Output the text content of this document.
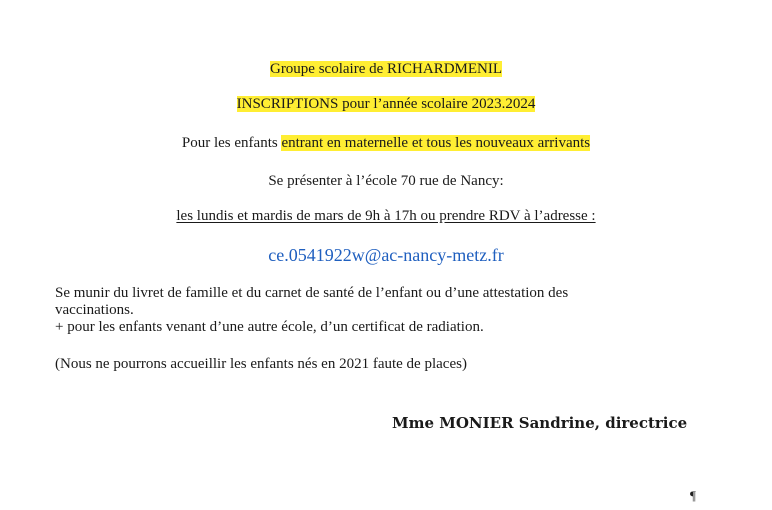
Groupe scolaire de RICHARDMENIL
INSCRIPTIONS pour l’année scolaire 2023.2024
Pour les enfants entrant en maternelle et tous les nouveaux arrivants
Se présenter à l’école 70 rue de Nancy:
les lundis et mardis de mars de 9h à 17h ou prendre RDV à l’adresse :
ce.0541922w@ac-nancy-metz.fr
Se munir du livret de famille et du carnet de santé de l’enfant ou d’une attestation des
vaccinations.
+ pour les enfants venant d’une autre école, d’un certificat de radiation.
(Nous ne pourrons accueillir les enfants nés en 2021 faute de places)
Mme MONIER Sandrine, directrice
¶
